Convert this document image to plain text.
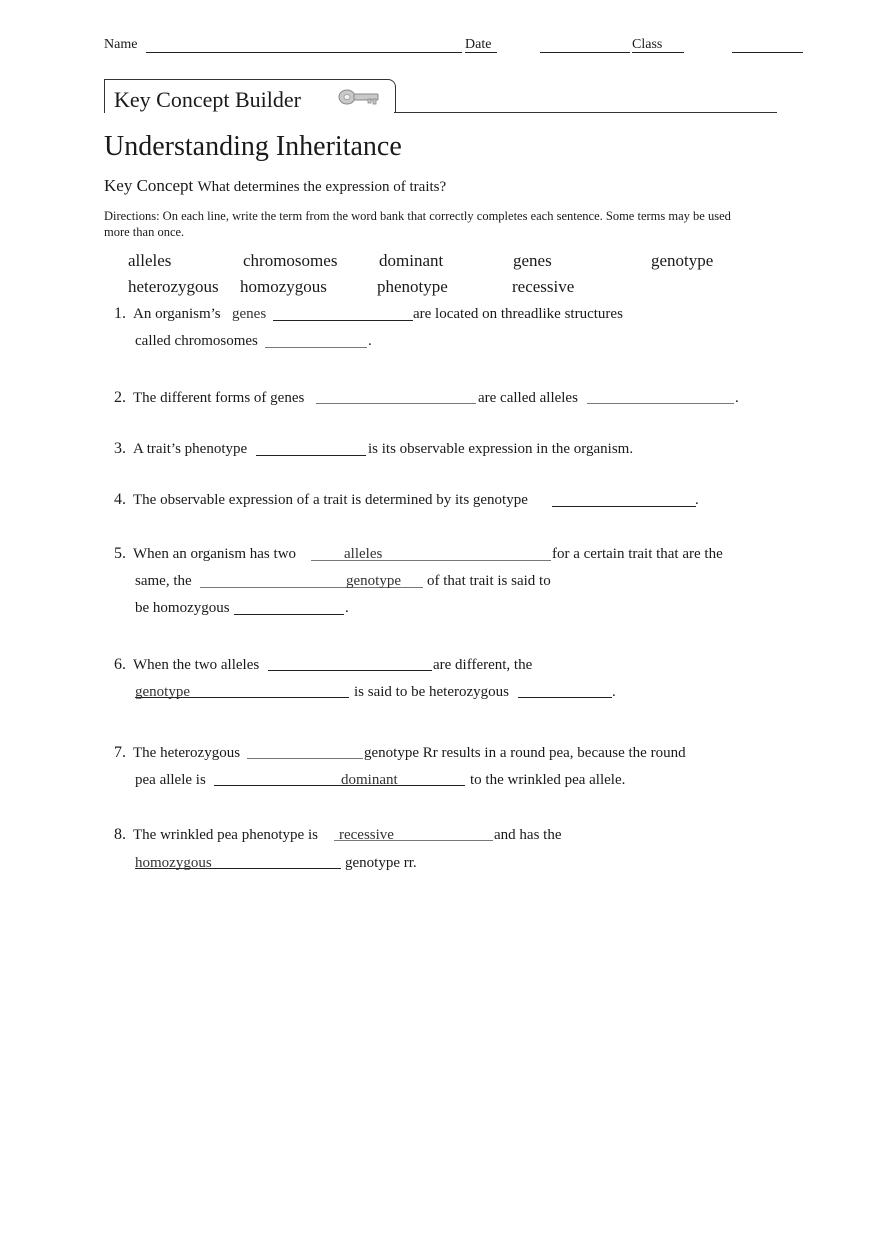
Name	Date	Class
Key Concept Builder
Understanding Inheritance
Key Concept What determines the expression of traits?
Directions: On each line, write the term from the word bank that correctly completes each sentence. Some terms may be used more than once.
alleles	chromosomes dominant	genes	genotype
heterozygous homozygous	phenotype	recessive
1. An organism’s genes	are located on threadlike structures
called chromosomes	.
2. The different forms of genes	are called alleles	.
3. A trait’s phenotype	is its observable expression in the organism.
4. The observable expression of a trait is determined by its genotype	.
5. When an organism has two	alleles	for a certain trait that are the
same, the	genotype of that trait is said to
be homozygous	.
6. When the two alleles	are different, the
genotype	is said to be heterozygous	.
7. The heterozygous	genotype Rr results in a round pea, because the round
pea allele is	dominant	to the wrinkled pea allele.
8. The wrinkled pea phenotype is recessive	and has the
homozygous	genotype rr.
